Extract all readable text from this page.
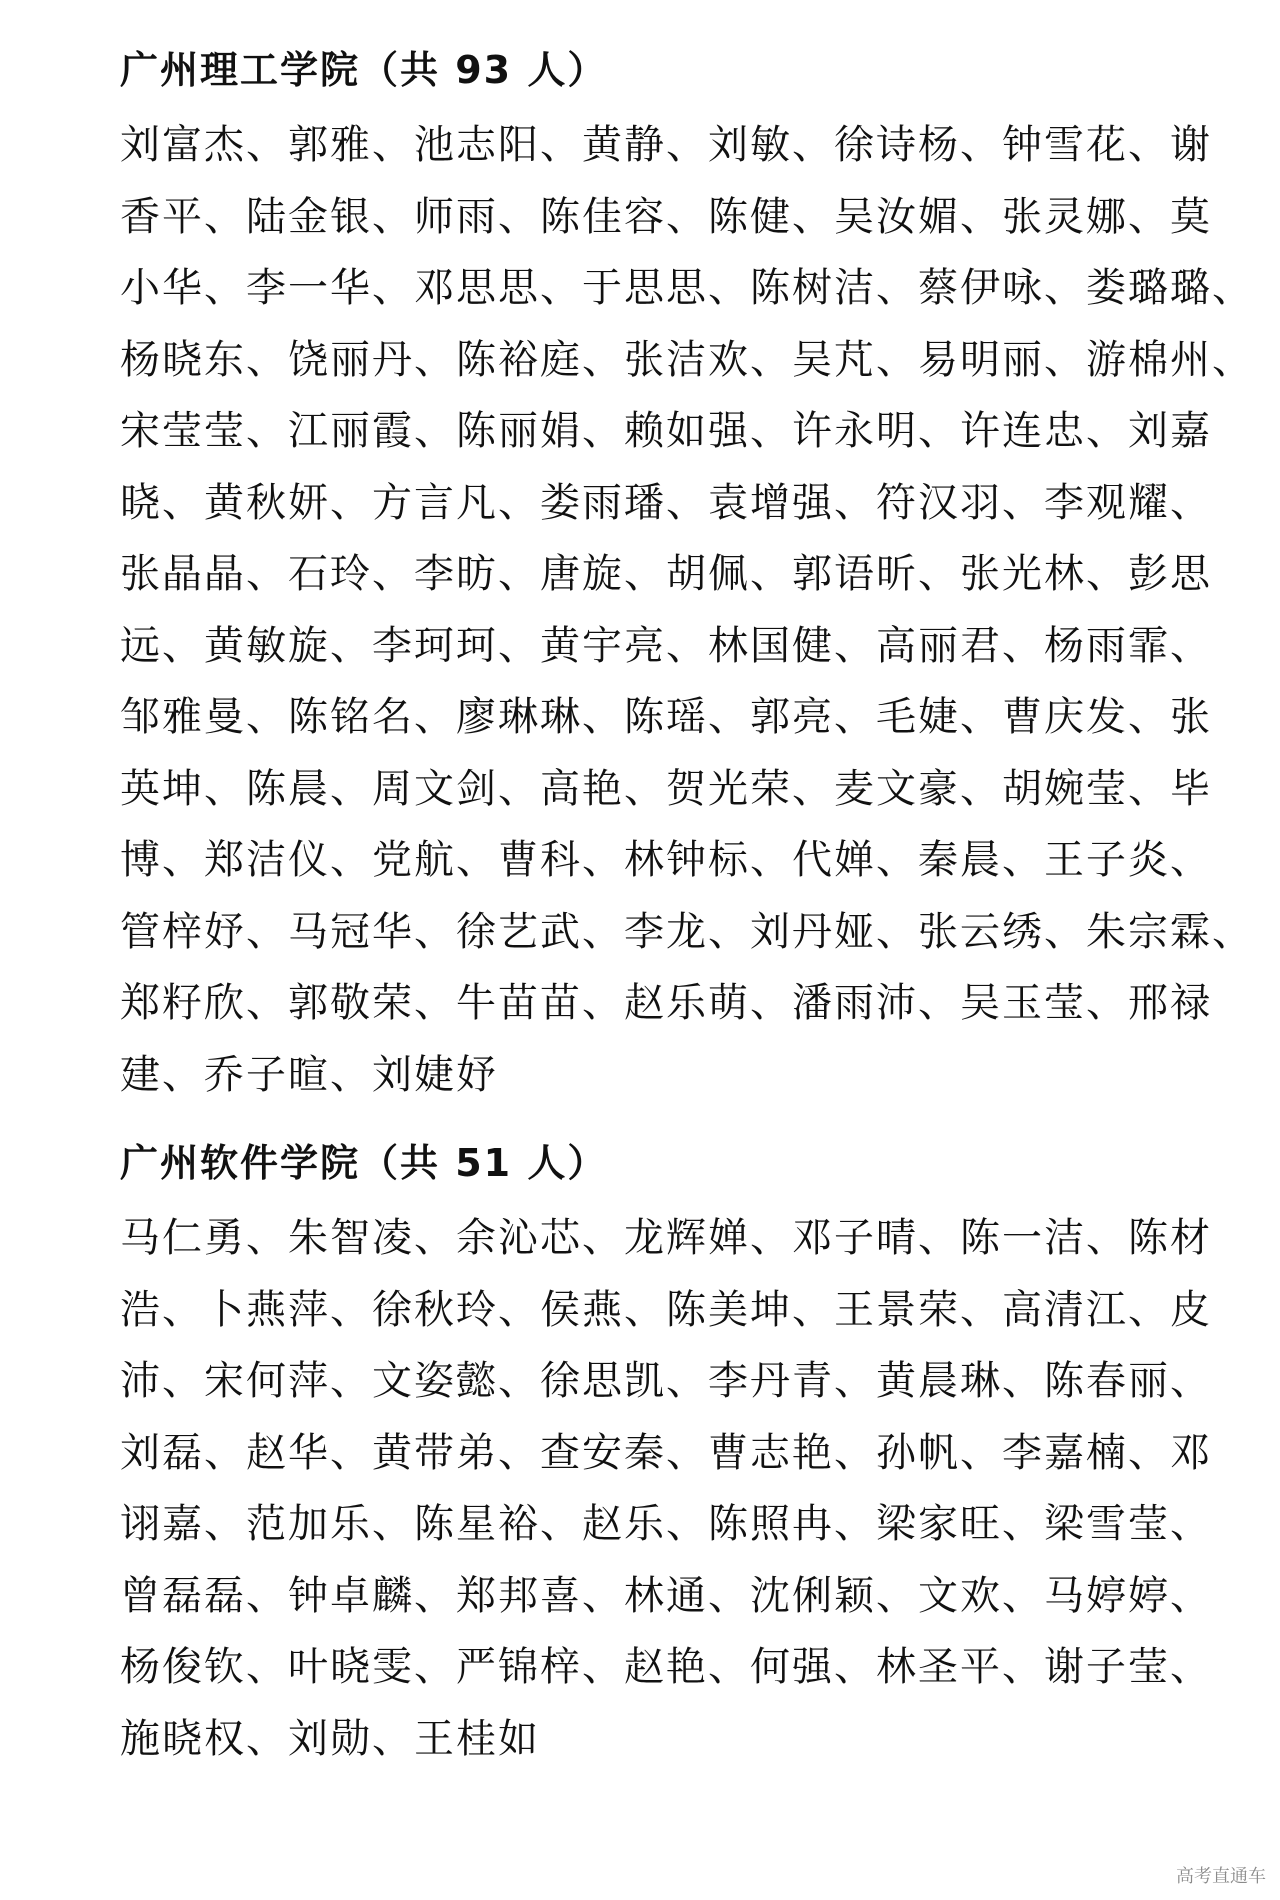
广州理工学院（共 93 人）
刘富杰、郭雅、池志阳、黄静、刘敏、徐诗杨、钟雪花、谢
香平、陆金银、师雨、陈佳容、陈健、吴汝媚、张灵娜、莫
小华、李一华、邓思思、于思思、陈树洁、蔡伊咏、娄璐璐、
杨晓东、饶丽丹、陈裕庭、张洁欢、吴芃、易明丽、游棉州、
宋莹莹、江丽霞、陈丽娟、赖如强、许永明、许连忠、刘嘉
晓、黄秋妍、方言凡、娄雨璠、袁增强、符汉羽、李观耀、
张晶晶、石玲、李昉、唐旋、胡佩、郭语昕、张光林、彭思
远、黄敏旋、李珂珂、黄宇亮、林国健、高丽君、杨雨霏、
邹雅曼、陈铭名、廖琳琳、陈瑶、郭亮、毛婕、曹庆发、张
英坤、陈晨、周文剑、高艳、贺光荣、麦文豪、胡婉莹、毕
博、郑洁仪、党航、曹科、林钟标、代婵、秦晨、王子炎、
管梓妤、马冠华、徐艺武、李龙、刘丹娅、张云绣、朱宗霖、
郑籽欣、郭敬荣、牛苗苗、赵乐萌、潘雨沛、吴玉莹、邢禄
建、乔子暄、刘婕妤
广州软件学院（共 51 人）
马仁勇、朱智凌、余沁芯、龙辉婵、邓子晴、陈一洁、陈材
浩、卜燕萍、徐秋玲、侯燕、陈美坤、王景荣、高清江、皮
沛、宋何萍、文姿懿、徐思凯、李丹青、黄晨琳、陈春丽、
刘磊、赵华、黄带弟、查安秦、曹志艳、孙帆、李嘉楠、邓
诩嘉、范加乐、陈星裕、赵乐、陈照冉、梁家旺、梁雪莹、
曾磊磊、钟卓麟、郑邦喜、林通、沈俐颖、文欢、马婷婷、
杨俊钦、叶晓雯、严锦梓、赵艳、何强、林圣平、谢子莹、
施晓权、刘勋、王桂如
高考直通车
